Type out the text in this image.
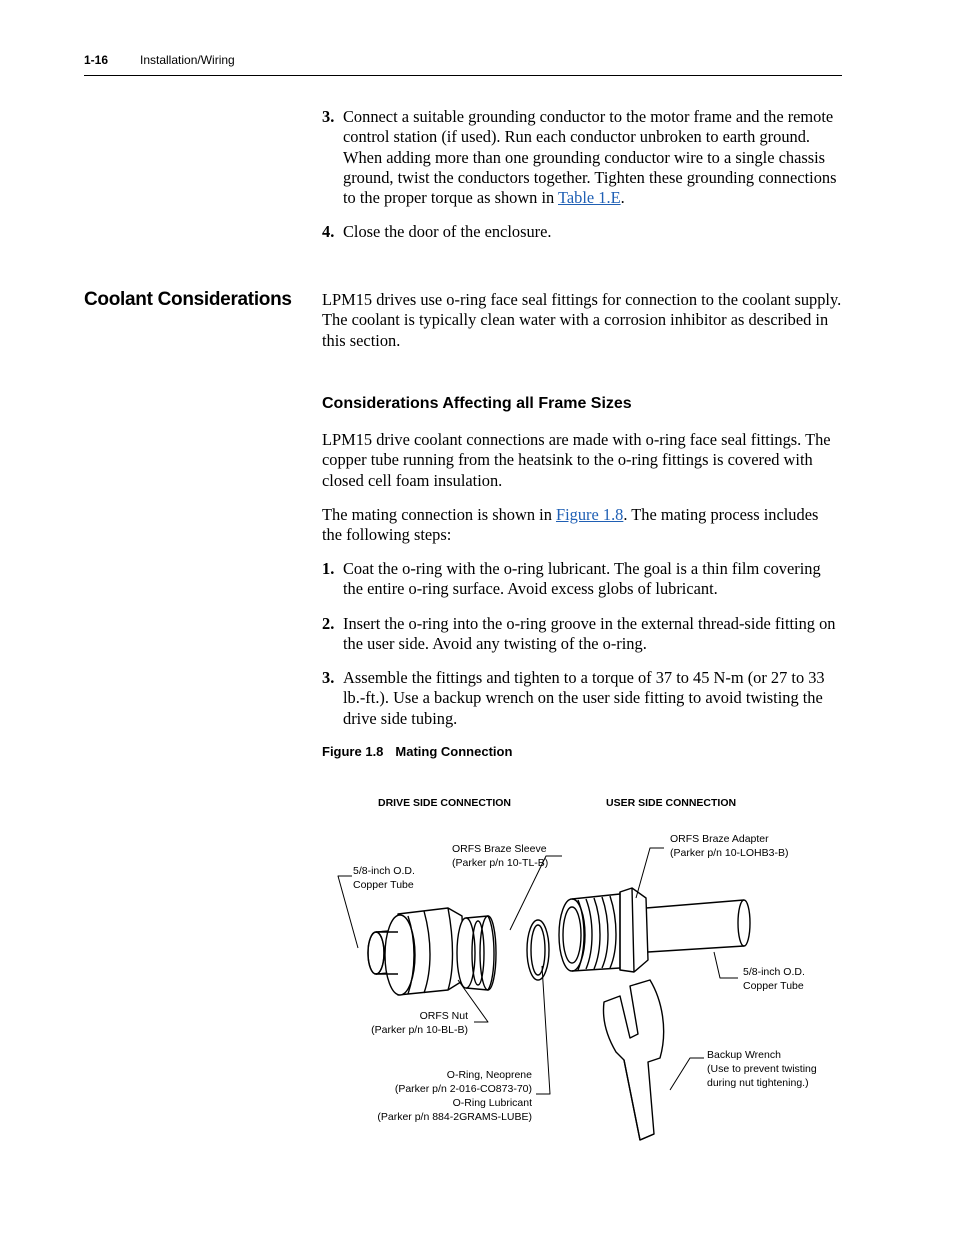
1-16	Installation/Wiring
3. Connect a suitable grounding conductor to the motor frame and the remote control station (if used). Run each conductor unbroken to earth ground. When adding more than one grounding conductor wire to a single chassis ground, twist the conductors together. Tighten these grounding connections to the proper torque as shown in Table 1.E.
4. Close the door of the enclosure.
Coolant Considerations LPM15 drives use o-ring face seal fittings for connection to the coolant supply. The coolant is typically clean water with a corrosion inhibitor as described in this section.
Considerations Affecting all Frame Sizes
LPM15 drive coolant connections are made with o-ring face seal fittings. The copper tube running from the heatsink to the o-ring fittings is covered with closed cell foam insulation.
The mating connection is shown in Figure 1.8. The mating process includes the following steps:
1. Coat the o-ring with the o-ring lubricant. The goal is a thin film covering the entire o-ring surface. Avoid excess globs of lubricant.
2. Insert the o-ring into the o-ring groove in the external thread-side fitting on the user side. Avoid any twisting of the o-ring.
3. Assemble the fittings and tighten to a torque of 37 to 45 N-m (or 27 to 33 lb.-ft.). Use a backup wrench on the user side fitting to avoid twisting the drive side tubing.
Figure 1.8 Mating Connection
DRIVE SIDE CONNECTION	USER SIDE CONNECTION
5/8-inch O.D.
Copper Tube
ORFS Braze Sleeve
(Parker p/n 10-TL-B)
ORFS Braze Adapter
(Parker p/n 10-LOHB3-B)
5/8-inch O.D.
Copper Tube
ORFS Nut
(Parker p/n 10-BL-B)
O-Ring, Neoprene
(Parker p/n 2-016-CO873-70)
O-Ring Lubricant
(Parker p/n 884-2GRAMS-LUBE)
Backup Wrench
(Use to prevent twisting
during nut tightening.)
